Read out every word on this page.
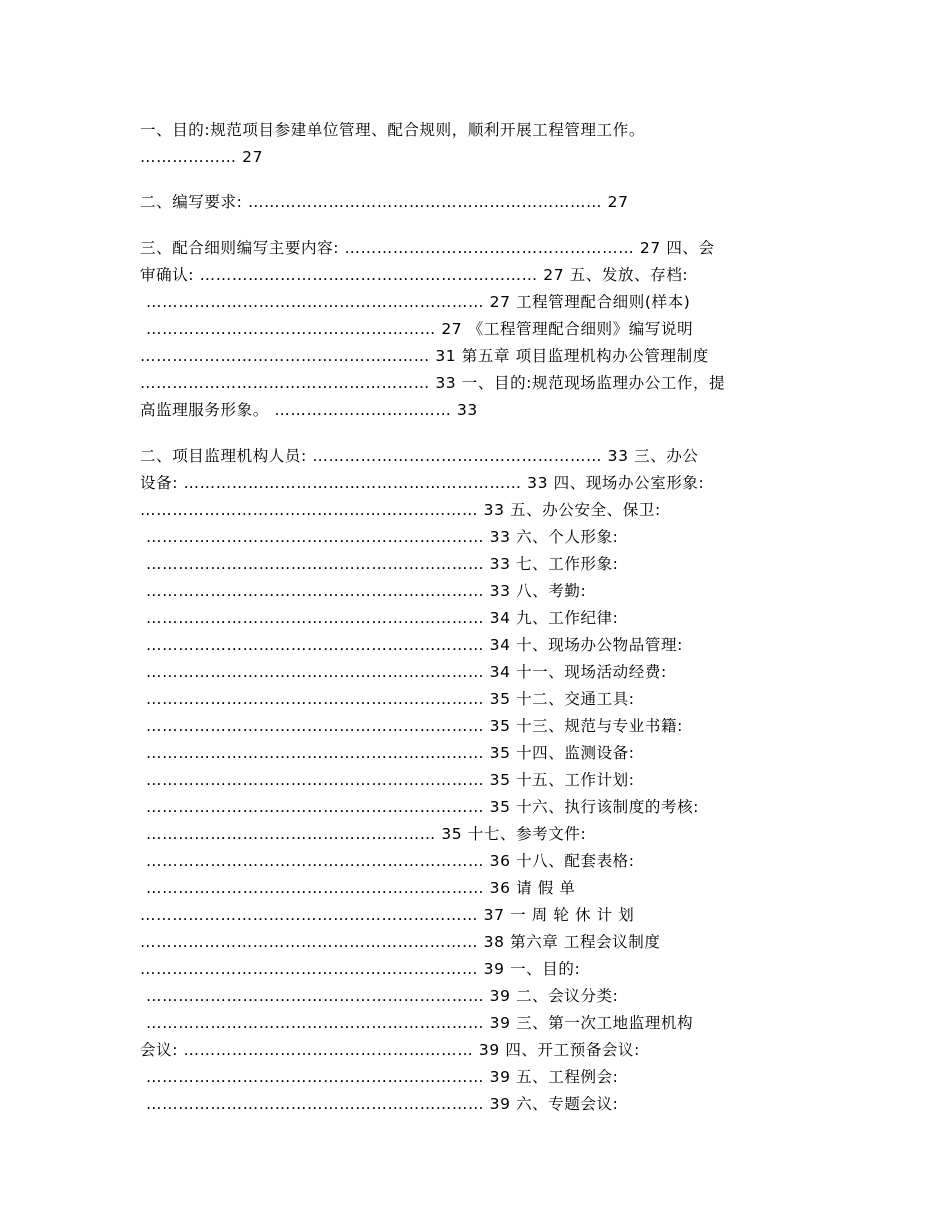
一、目的:规范项目参建单位管理、配合规则，顺利开展工程管理工作。
……………… 27
二、编写要求: ………………………………………………………… 27
三、配合细则编写主要内容: ……………………………………………… 27 四、会
审确认: ……………………………………………………… 27 五、发放、存档:
……………………………………………………… 27 工程管理配合细则(样本)
……………………………………………… 27 《工程管理配合细则》编写说明
……………………………………………… 31 第五章 项目监理机构办公管理制度
……………………………………………… 33 一、目的:规范现场监理办公工作，提
高监理服务形象。 …………………………… 33
二、项目监理机构人员: ……………………………………………… 33 三、办公
设备: ……………………………………………………… 33 四、现场办公室形象:
……………………………………………………… 33 五、办公安全、保卫:
……………………………………………………… 33 六、个人形象:
……………………………………………………… 33 七、工作形象:
……………………………………………………… 33 八、考勤:
……………………………………………………… 34 九、工作纪律:
……………………………………………………… 34 十、现场办公物品管理:
……………………………………………………… 34 十一、现场活动经费:
……………………………………………………… 35 十二、交通工具:
……………………………………………………… 35 十三、规范与专业书籍:
……………………………………………………… 35 十四、监测设备:
……………………………………………………… 35 十五、工作计划:
……………………………………………………… 35 十六、执行该制度的考核:
……………………………………………… 35 十七、参考文件:
……………………………………………………… 36 十八、配套表格:
……………………………………………………… 36 请 假 单
……………………………………………………… 37 一 周 轮 休 计 划
……………………………………………………… 38 第六章 工程会议制度
……………………………………………………… 39 一、目的:
……………………………………………………… 39 二、会议分类:
……………………………………………………… 39 三、第一次工地监理机构
会议: ……………………………………………… 39 四、开工预备会议:
……………………………………………………… 39 五、工程例会:
……………………………………………………… 39 六、专题会议:
